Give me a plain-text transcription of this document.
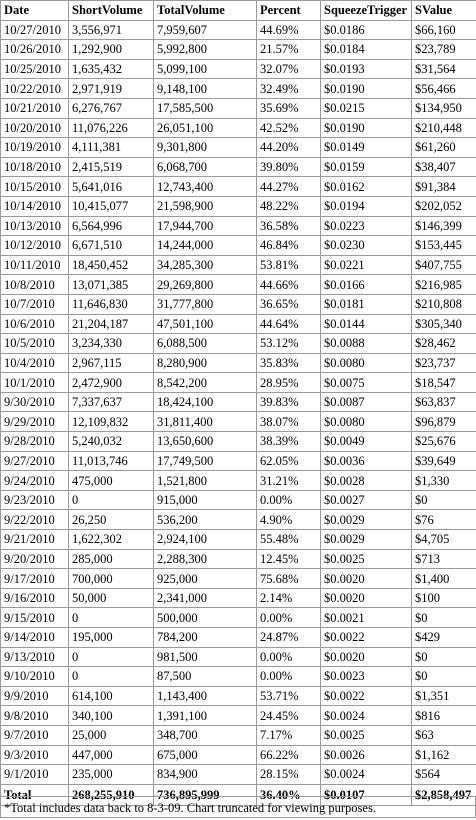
Date	ShortVolume	TotalVolume	Percent	SqueezeTrigger	SValue
10/27/2010	3,556,971	7,959,607	44.69%	$0.0186	$66,160
10/26/2010	1,292,900	5,992,800	21.57%	$0.0184	$23,789
10/25/2010	1,635,432	5,099,100	32.07%	$0.0193	$31,564
10/22/2010	2,971,919	9,148,100	32.49%	$0.0190	$56,466
10/21/2010	6,276,767	17,585,500	35.69%	$0.0215	$134,950
10/20/2010	11,076,226	26,051,100	42.52%	$0.0190	$210,448
10/19/2010	4,111,381	9,301,800	44.20%	$0.0149	$61,260
10/18/2010	2,415,519	6,068,700	39.80%	$0.0159	$38,407
10/15/2010	5,641,016	12,743,400	44.27%	$0.0162	$91,384
10/14/2010	10,415,077	21,598,900	48.22%	$0.0194	$202,052
10/13/2010	6,564,996	17,944,700	36.58%	$0.0223	$146,399
10/12/2010	6,671,510	14,244,000	46.84%	$0.0230	$153,445
10/11/2010	18,450,452	34,285,300	53.81%	$0.0221	$407,755
10/8/2010	13,071,385	29,269,800	44.66%	$0.0166	$216,985
10/7/2010	11,646,830	31,777,800	36.65%	$0.0181	$210,808
10/6/2010	21,204,187	47,501,100	44.64%	$0.0144	$305,340
10/5/2010	3,234,330	6,088,500	53.12%	$0.0088	$28,462
10/4/2010	2,967,115	8,280,900	35.83%	$0.0080	$23,737
10/1/2010	2,472,900	8,542,200	28.95%	$0.0075	$18,547
9/30/2010	7,337,637	18,424,100	39.83%	$0.0087	$63,837
9/29/2010	12,109,832	31,811,400	38.07%	$0.0080	$96,879
9/28/2010	5,240,032	13,650,600	38.39%	$0.0049	$25,676
9/27/2010	11,013,746	17,749,500	62.05%	$0.0036	$39,649
9/24/2010	475,000	1,521,800	31.21%	$0.0028	$1,330
9/23/2010	0	915,000	0.00%	$0.0027	$0
9/22/2010	26,250	536,200	4.90%	$0.0029	$76
9/21/2010	1,622,302	2,924,100	55.48%	$0.0029	$4,705
9/20/2010	285,000	2,288,300	12.45%	$0.0025	$713
9/17/2010	700,000	925,000	75.68%	$0.0020	$1,400
9/16/2010	50,000	2,341,000	2.14%	$0.0020	$100
9/15/2010	0	500,000	0.00%	$0.0021	$0
9/14/2010	195,000	784,200	24.87%	$0.0022	$429
9/13/2010	0	981,500	0.00%	$0.0020	$0
9/10/2010	0	87,500	0.00%	$0.0023	$0
9/9/2010	614,100	1,143,400	53.71%	$0.0022	$1,351
9/8/2010	340,100	1,391,100	24.45%	$0.0024	$816
9/7/2010	25,000	348,700	7.17%	$0.0025	$63
9/3/2010	447,000	675,000	66.22%	$0.0026	$1,162
9/1/2010	235,000	834,900	28.15%	$0.0024	$564
Total	268,255,910	736,895,999	36.40%	$0.0107	$2,858,497
*Total includes data back to 8-3-09. Chart truncated for viewing purposes.
